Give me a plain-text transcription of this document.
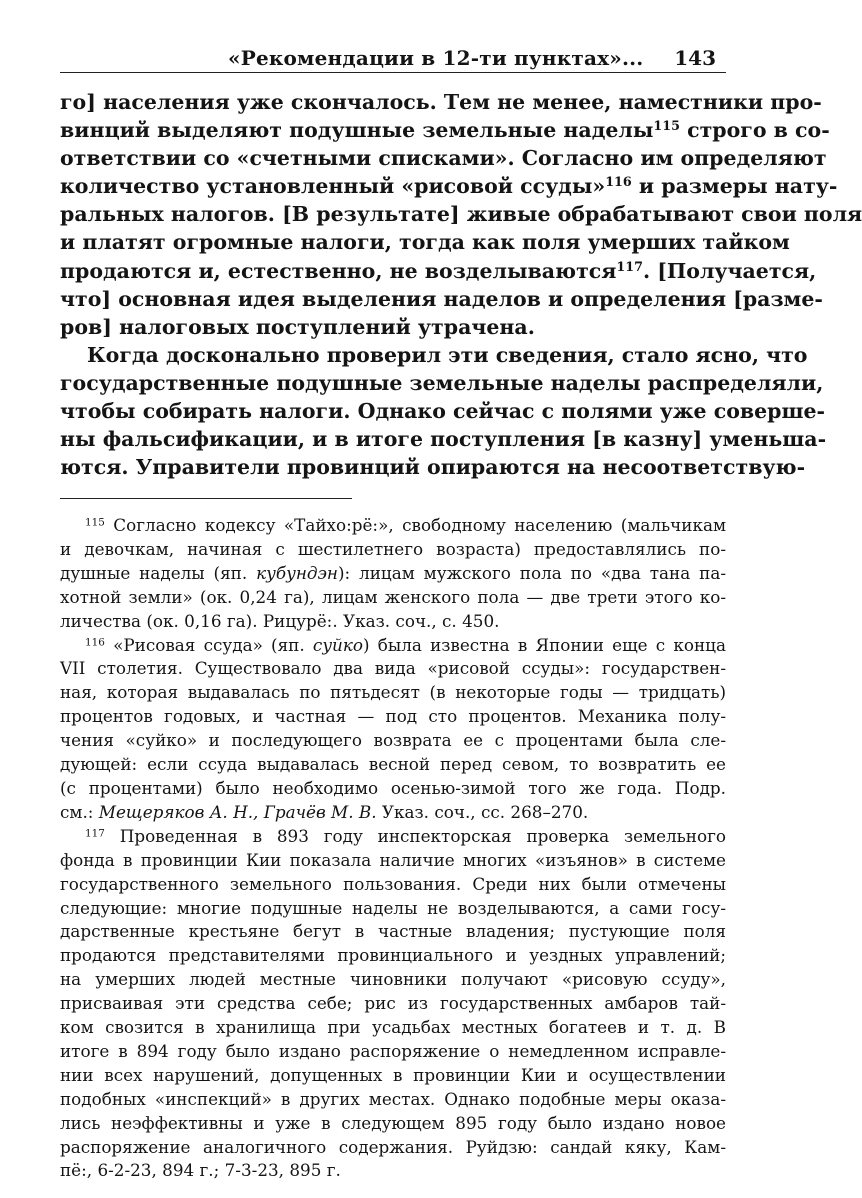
«Рекомендации в 12-ти пунктах»... 143
го] населения уже скончалось. Тем не менее, наместники про-
винций выделяют подушные земельные наделы$^{115}$ строго в со-
ответствии со «счетными списками». Согласно им определяют
количество установленный «рисовой ссуды»$^{116}$ и размеры нату-
ральных налогов. [В результате] живые обрабатывают свои поля
и платят огромные налоги, тогда как поля умерших тайком
продаются и, естественно, не возделываются$^{117}$. [Получается,
что] основная идея выделения наделов и определения [разме-
ров] налоговых поступлений утрачена.
Когда досконально проверил эти сведения, стало ясно, что
государственные подушные земельные наделы распределяли,
чтобы собирать налоги. Однако сейчас с полями уже соверше-
ны фальсификации, и в итоге поступления [в казну] уменьша-
ются. Управители провинций опираются на несоответствую-
$^{115}$ Согласно кодексу «Тайхо:рё:», свободному населению (мальчикам
и девочкам, начиная с шестилетнего возраста) предоставлялись по-
душные наделы (яп. кубундэн): лицам мужского пола по «два тана па-
хотной земли» (ок. 0,24 га), лицам женского пола — две трети этого ко-
личества (ок. 0,16 га). Рицурё:. Указ. соч., с. 450.
$^{116}$ «Рисовая ссуда» (яп. суйко) была известна в Японии еще с конца
VII столетия. Существовало два вида «рисовой ссуды»: государствен-
ная, которая выдавалась по пятьдесят (в некоторые годы — тридцать)
процентов годовых, и частная — под сто процентов. Механика полу-
чения «суйко» и последующего возврата ее с процентами была сле-
дующей: если ссуда выдавалась весной перед севом, то возвратить ее
(с процентами) было необходимо осенью-зимой того же года. Подр.
см.: Мещеряков А. Н., Грачёв М. В. Указ. соч., сс. 268–270.
$^{117}$ Проведенная в 893 году инспекторская проверка земельного
фонда в провинции Кии показала наличие многих «изъянов» в системе
государственного земельного пользования. Среди них были отмечены
следующие: многие подушные наделы не возделываются, а сами госу-
дарственные крестьяне бегут в частные владения; пустующие поля
продаются представителями провинциального и уездных управлений;
на умерших людей местные чиновники получают «рисовую ссуду»,
присваивая эти средства себе; рис из государственных амбаров тай-
ком свозится в хранилища при усадьбах местных богатеев и т. д. В
итоге в 894 году было издано распоряжение о немедленном исправле-
нии всех нарушений, допущенных в провинции Кии и осуществлении
подобных «инспекций» в других местах. Однако подобные меры оказа-
лись неэффективны и уже в следующем 895 году было издано новое
распоряжение аналогичного содержания. Руйдзю: сандай кяку, Кам-
пё:, 6-2-23, 894 г.; 7-3-23, 895 г.
